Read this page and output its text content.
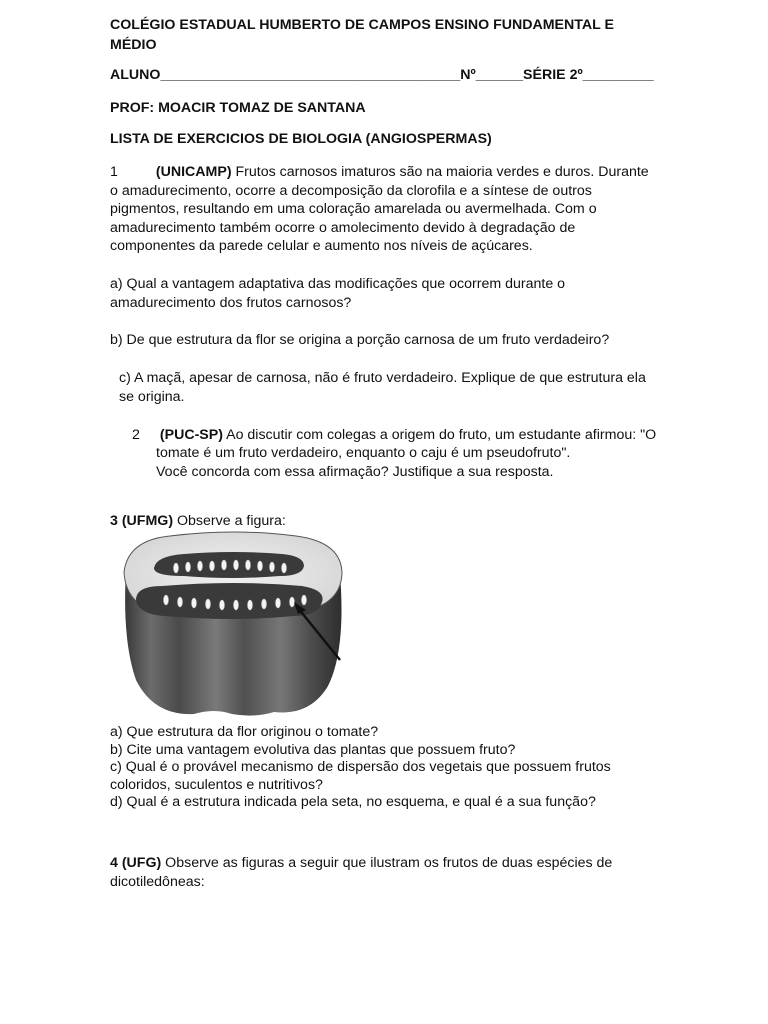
COLÉGIO ESTADUAL HUMBERTO DE CAMPOS ENSINO FUNDAMENTAL E
MÉDIO
ALUNO______________________________________Nº______SÉRIE 2º_________
PROF: MOACIR TOMAZ DE SANTANA
LISTA DE EXERCICIOS DE BIOLOGIA (ANGIOSPERMAS)
1	(UNICAMP) Frutos carnosos imaturos são na maioria verdes e duros. Durante
o amadurecimento, ocorre a decomposição da clorofila e a síntese de outros
pigmentos, resultando em uma coloração amarelada ou avermelhada. Com o
amadurecimento também ocorre o amolecimento devido à degradação de
componentes da parede celular e aumento nos níveis de açúcares.
a) Qual a vantagem adaptativa das modificações que ocorrem durante o
amadurecimento dos frutos carnosos?
b) De que estrutura da flor se origina a porção carnosa de um fruto verdadeiro?
c) A maçã, apesar de carnosa, não é fruto verdadeiro. Explique de que estrutura ela
se origina.
2 (PUC-SP) Ao discutir com colegas a origem do fruto, um estudante afirmou: "O
tomate é um fruto verdadeiro, enquanto o caju é um pseudofruto".
Você concorda com essa afirmação? Justifique a sua resposta.
3 (UFMG) Observe a figura:
a) Que estrutura da flor originou o tomate?
b) Cite uma vantagem evolutiva das plantas que possuem fruto?
c) Qual é o provável mecanismo de dispersão dos vegetais que possuem frutos
coloridos, suculentos e nutritivos?
d) Qual é a estrutura indicada pela seta, no esquema, e qual é a sua função?
4 (UFG) Observe as figuras a seguir que ilustram os frutos de duas espécies de
dicotiledôneas:
